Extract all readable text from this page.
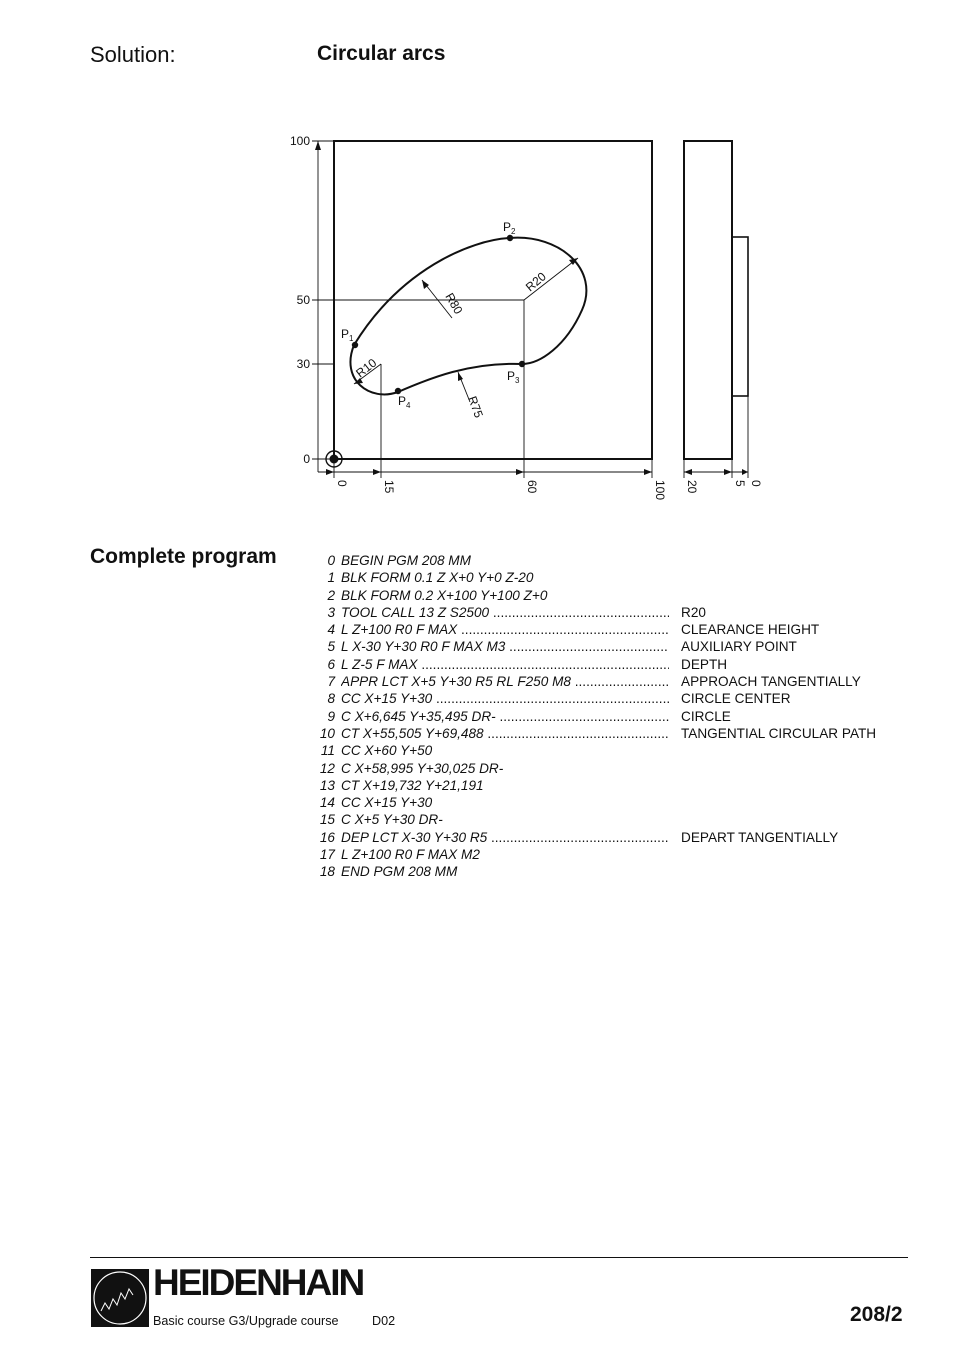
Solution:	Circular arcs
100
50
30
0
0	15	60	100 20	5 0
$P_1$
$P_2$
$P_3$
$P_4$
R80
R20
R10
R75
Complete program	0 BEGIN PGM 208 MM
1 BLK FORM 0.1 Z X+0 Y+0 Z-20
2 BLK FORM 0.2 X+100 Y+100 Z+0
3 TOOL CALL 13 Z S2500 .....	R20
4 L Z+100 R0 F MAX .....	CLEARANCE HEIGHT
5 L X-30 Y+30 R0 F MAX M3 .....	AUXILIARY POINT
6 L Z-5 F MAX .....	DEPTH
7 APPR LCT X+5 Y+30 R5 RL F250 M8 .....	APPROACH TANGENTIALLY
8 CC X+15 Y+30 .....	CIRCLE CENTER
9 C X+6,645 Y+35,495 DR- .....	CIRCLE
10 CT X+55,505 Y+69,488 .....	TANGENTIAL CIRCULAR PATH
11 CC X+60 Y+50
12 C X+58,995 Y+30,025 DR-
13 CT X+19,732 Y+21,191
14 CC X+15 Y+30
15 C X+5 Y+30 DR-
16 DEP LCT X-30 Y+30 R5 .....	DEPART TANGENTIALLY
17 L Z+100 R0 F MAX M2
18 END PGM 208 MM
HEIDENHAIN
Basic course G3/Upgrade course	D02	208/2
